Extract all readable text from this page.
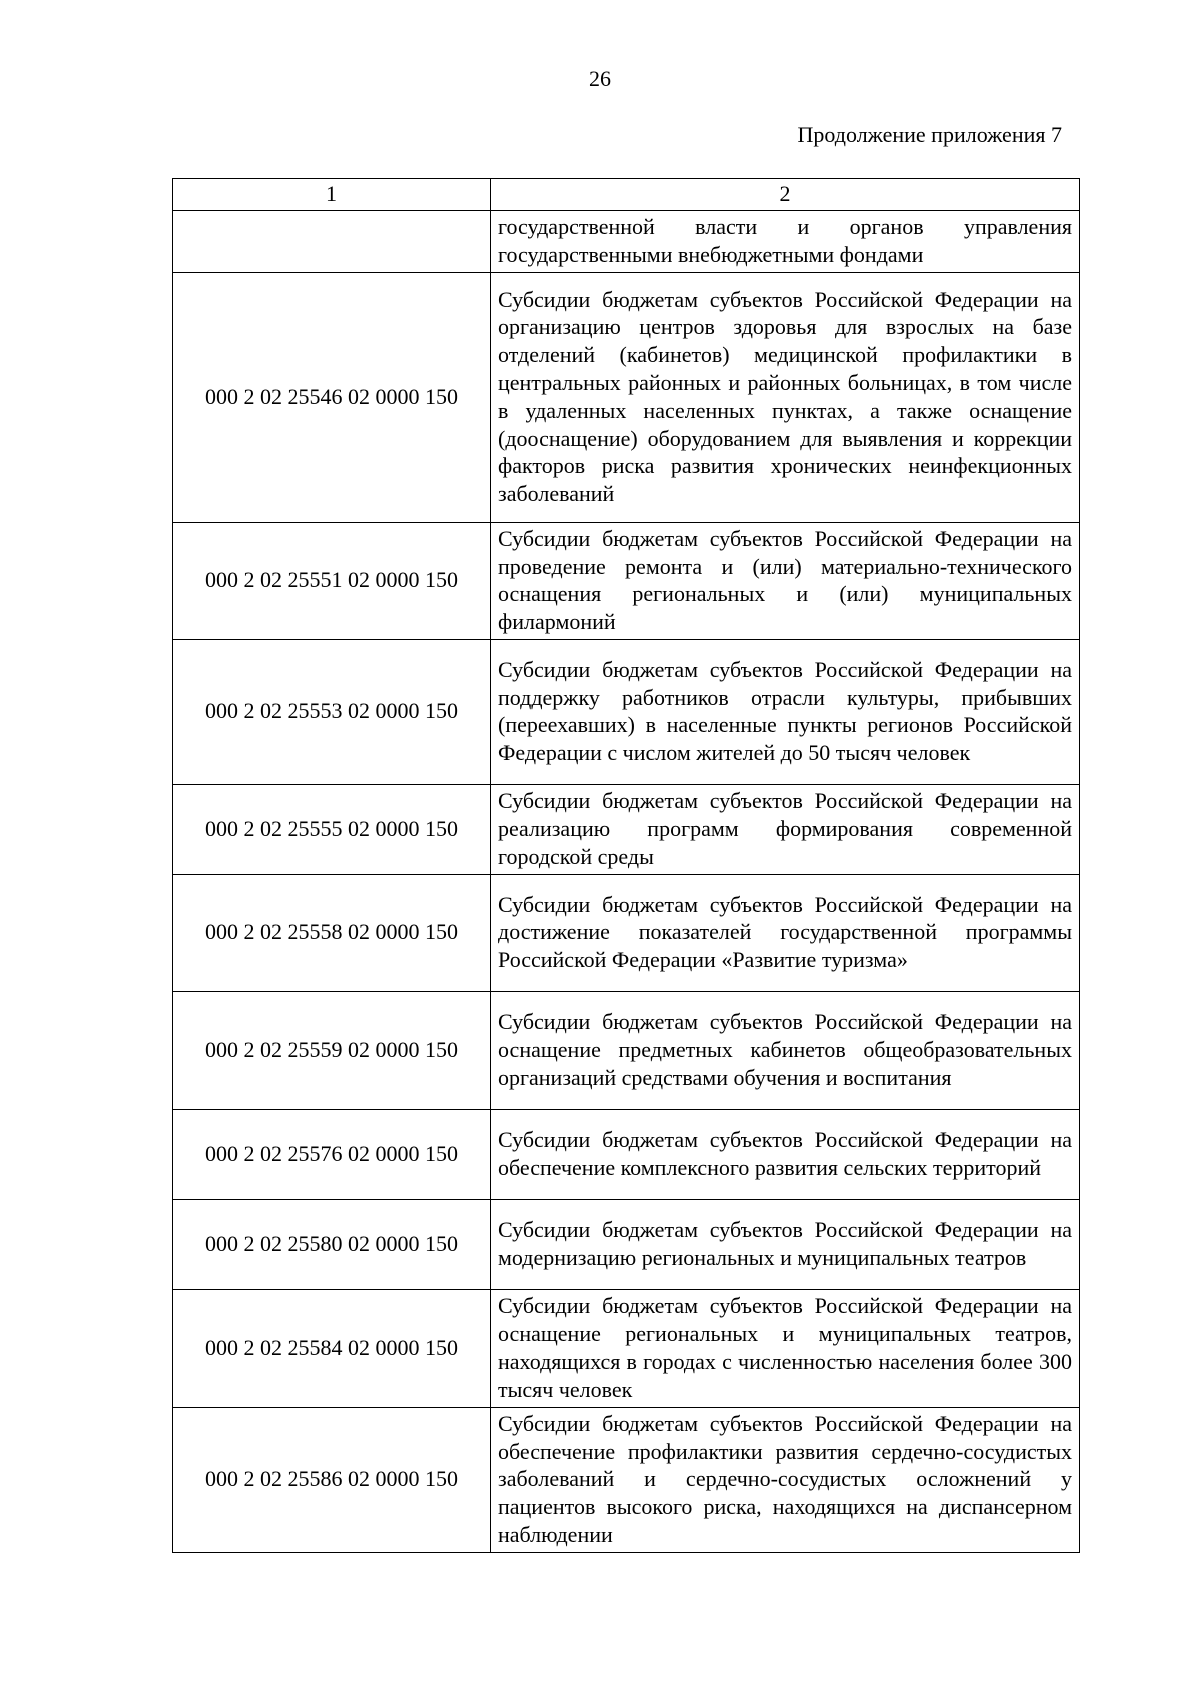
26
Продолжение приложения 7
1	2
	государственной власти и органов управления государственными внебюджетными фондами
000 2 02 25546 02 0000 150	Субсидии бюджетам субъектов Российской Федерации на организацию центров здоровья для взрослых на базе отделений (кабинетов) медицинской профилактики в центральных районных и районных больницах, в том числе в удаленных населенных пунктах, а также оснащение (дооснащение) оборудованием для выявления и коррекции факторов риска развития хронических неинфекционных заболеваний
000 2 02 25551 02 0000 150	Субсидии бюджетам субъектов Российской Федерации на проведение ремонта и (или) материально-технического оснащения региональных и (или) муниципальных филармоний
000 2 02 25553 02 0000 150	Субсидии бюджетам субъектов Российской Федерации на поддержку работников отрасли культуры, прибывших (переехавших) в населенные пункты регионов Российской Федерации с числом жителей до 50 тысяч человек
000 2 02 25555 02 0000 150	Субсидии бюджетам субъектов Российской Федерации на реализацию программ формирования современной городской среды
000 2 02 25558 02 0000 150	Субсидии бюджетам субъектов Российской Федерации на достижение показателей государственной программы Российской Федерации «Развитие туризма»
000 2 02 25559 02 0000 150	Субсидии бюджетам субъектов Российской Федерации на оснащение предметных кабинетов общеобразовательных организаций средствами обучения и воспитания
000 2 02 25576 02 0000 150	Субсидии бюджетам субъектов Российской Федерации на обеспечение комплексного развития сельских территорий
000 2 02 25580 02 0000 150	Субсидии бюджетам субъектов Российской Федерации на модернизацию региональных и муниципальных театров
000 2 02 25584 02 0000 150	Субсидии бюджетам субъектов Российской Федерации на оснащение региональных и муниципальных театров, находящихся в городах с численностью населения более 300 тысяч человек
000 2 02 25586 02 0000 150	Субсидии бюджетам субъектов Российской Федерации на обеспечение профилактики развития сердечно-сосудистых заболеваний и сердечно-сосудистых осложнений у пациентов высокого риска, находящихся на диспансерном наблюдении
